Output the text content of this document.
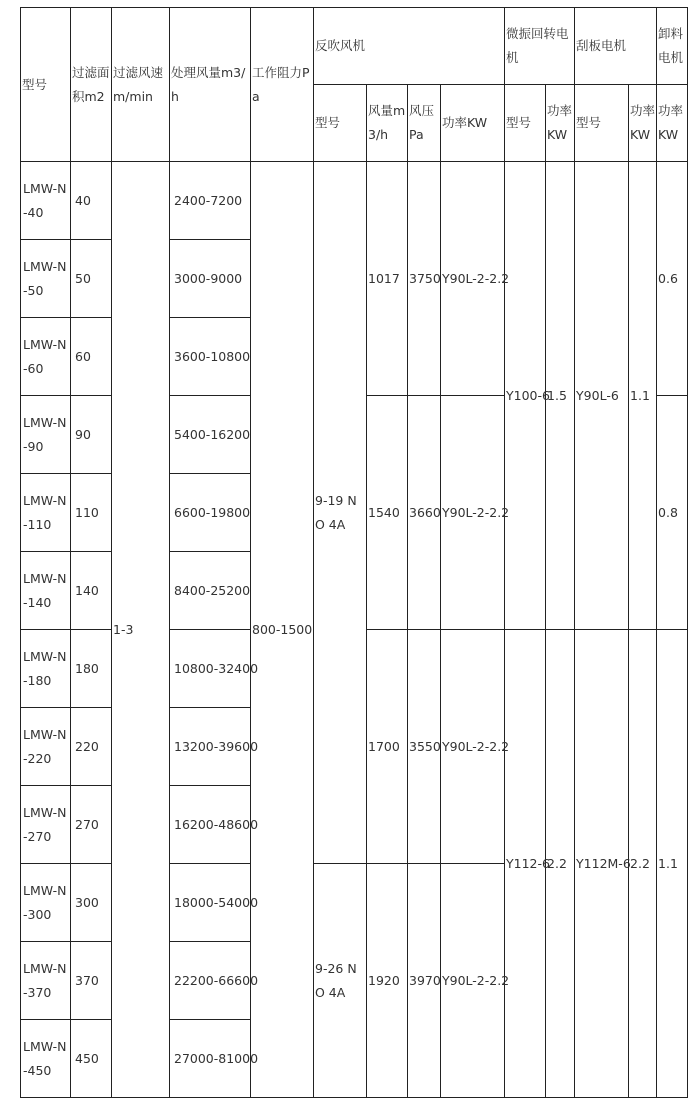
型号	过滤面积m2	过滤风速m/min	处理风量m3/h	工作阻力Pa	反吹风机				微振回转电机		刮板电机		卸料电机
					型号	风量m3/h	风压Pa	功率KW	型号	功率KW	型号	功率KW	功率KW
LMW-N-40	40	1-3	2400-7200	800-1500	9-19 NO 4A	1017	3750	Y90L-2-2.2	Y100-6	1.5	Y90L-6	1.1	0.6
LMW-N-50	50		3000-9000										
LMW-N-60	60		3600-10800										
LMW-N-90	90		5400-16200			1540	3660	Y90L-2-2.2					0.8
LMW-N-110	110		6600-19800										
LMW-N-140	140		8400-25200										
LMW-N-180	180		10800-32400			1700	3550	Y90L-2-2.2	Y112-6	2.2	Y112M-6	2.2	1.1
LMW-N-220	220		13200-39600										
LMW-N-270	270		16200-48600										
LMW-N-300	300		18000-54000		9-26 NO 4A	1920	3970	Y90L-2-2.2					
LMW-N-370	370		22200-66600										
LMW-N-450	450		27000-81000										
